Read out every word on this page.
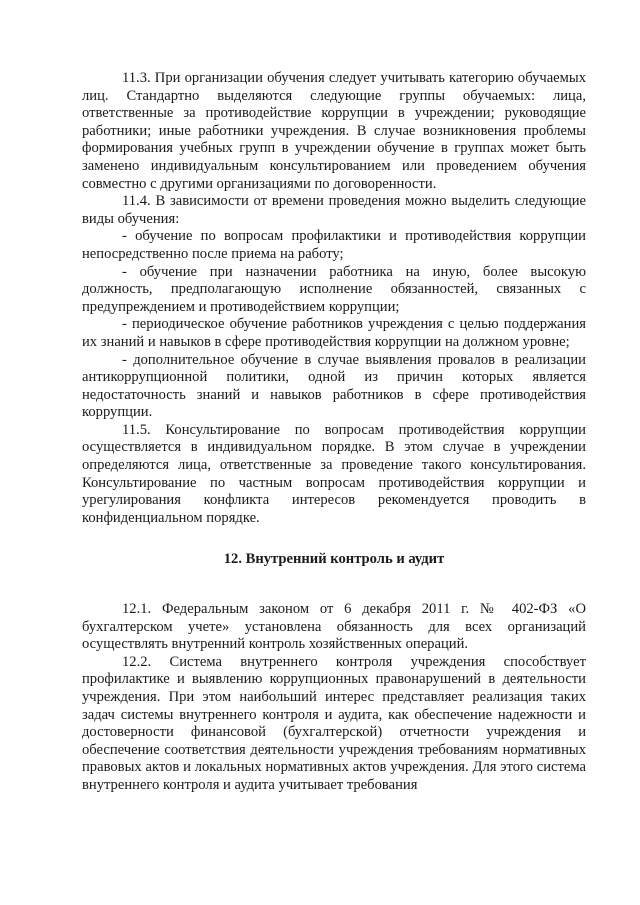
11.3. При организации обучения следует учитывать категорию обучаемых лиц. Стандартно выделяются следующие группы обучаемых: лица, ответственные за противодействие коррупции в учреждении; руководящие работники; иные работники учреждения. В случае возникновения проблемы формирования учебных групп в учреждении обучение в группах может быть заменено индивидуальным консультированием или проведением обучения совместно с другими организациями по договоренности.

11.4. В зависимости от времени проведения можно выделить следующие виды обучения:

- обучение по вопросам профилактики и противодействия коррупции непосредственно после приема на работу;

- обучение при назначении работника на иную, более высокую должность, предполагающую исполнение обязанностей, связанных с предупреждением и противодействием коррупции;

- периодическое обучение работников учреждения с целью поддержания их знаний и навыков в сфере противодействия коррупции на должном уровне;

- дополнительное обучение в случае выявления провалов в реализации антикоррупционной политики, одной из причин которых является недостаточность знаний и навыков работников в сфере противодействия коррупции.

11.5. Консультирование по вопросам противодействия коррупции осуществляется в индивидуальном порядке. В этом случае в учреждении определяются лица, ответственные за проведение такого консультирования. Консультирование по частным вопросам противодействия коррупции и урегулирования конфликта интересов рекомендуется проводить в конфиденциальном порядке.

12. Внутренний контроль и аудит

12.1. Федеральным законом от 6 декабря 2011 г. № 402-ФЗ «О бухгалтерском учете» установлена обязанность для всех организаций осуществлять внутренний контроль хозяйственных операций.

12.2. Система внутреннего контроля учреждения способствует профилактике и выявлению коррупционных правонарушений в деятельности учреждения. При этом наибольший интерес представляет реализация таких задач системы внутреннего контроля и аудита, как обеспечение надежности и достоверности финансовой (бухгалтерской) отчетности учреждения и обеспечение соответствия деятельности учреждения требованиям нормативных правовых актов и локальных нормативных актов учреждения. Для этого система внутреннего контроля и аудита учитывает требования
